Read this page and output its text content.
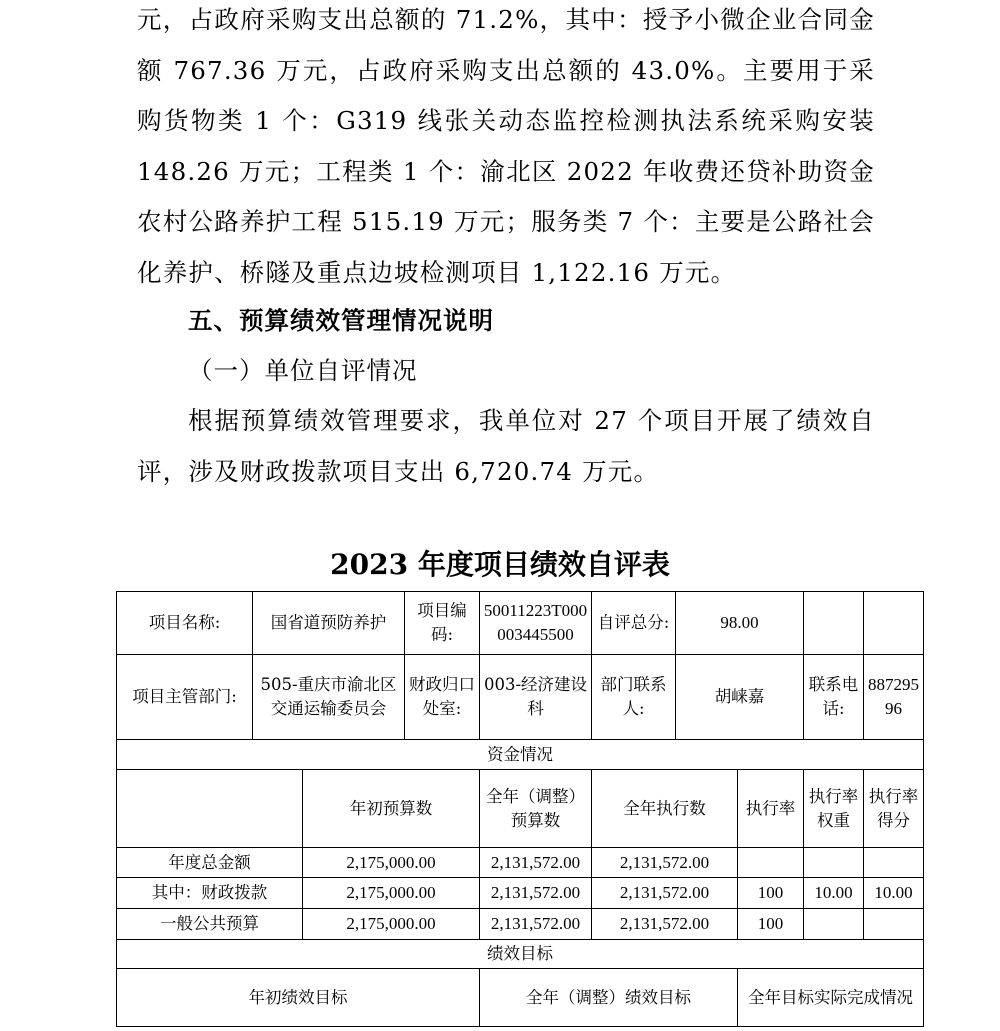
元，占政府采购支出总额的 71.2%，其中：授予小微企业合同金额 767.36 万元，占政府采购支出总额的 43.0%。主要用于采购货物类 1 个：G319 线张关动态监控检测执法系统采购安装 148.26 万元；工程类 1 个：渝北区 2022 年收费还贷补助资金农村公路养护工程 515.19 万元；服务类 7 个：主要是公路社会化养护、桥隧及重点边坡检测项目 1,122.16 万元。
五、预算绩效管理情况说明
（一）单位自评情况
根据预算绩效管理要求，我单位对 27 个项目开展了绩效自评，涉及财政拨款项目支出 6,720.74 万元。
2023 年度项目绩效自评表
项目名称:	国省道预防养护		项目编码:	50011223T000003445500	自评总分:	98.00			
项目主管部门:	505-重庆市渝北区交通运输委员会		财政归口处室:	003-经济建设科	部门联系人:	胡崃嘉		联系电话:	88729596
资金情况									
		年初预算数		全年（调整）预算数	全年执行数		执行率	执行率权重	执行率得分
年度总金额		2,175,000.00		2,131,572.00	2,131,572.00				
其中：财政拨款		2,175,000.00		2,131,572.00	2,131,572.00		100	10.00	10.00
一般公共预算		2,175,000.00		2,131,572.00	2,131,572.00		100		
绩效目标									
年初绩效目标				全年（调整）绩效目标			全年目标实际完成情况		
